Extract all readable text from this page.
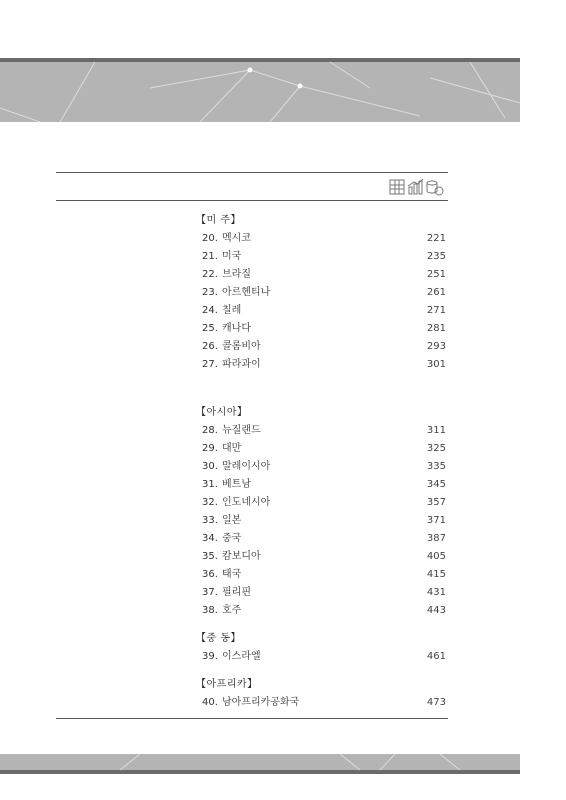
【미 주】
20. 멕시코	221
21. 미국	235
22. 브라질	251
23. 아르헨티나	261
24. 칠레	271
25. 캐나다	281
26. 콜롬비아	293
27. 파라과이	301
【아시아】
28. 뉴질랜드	311
29. 대만	325
30. 말레이시아	335
31. 베트남	345
32. 인도네시아	357
33. 일본	371
34. 중국	387
35. 캄보디아	405
36. 태국	415
37. 필리핀	431
38. 호주	443
【중 동】
39. 이스라엘	461
【아프리카】
40. 남아프리카공화국	473
